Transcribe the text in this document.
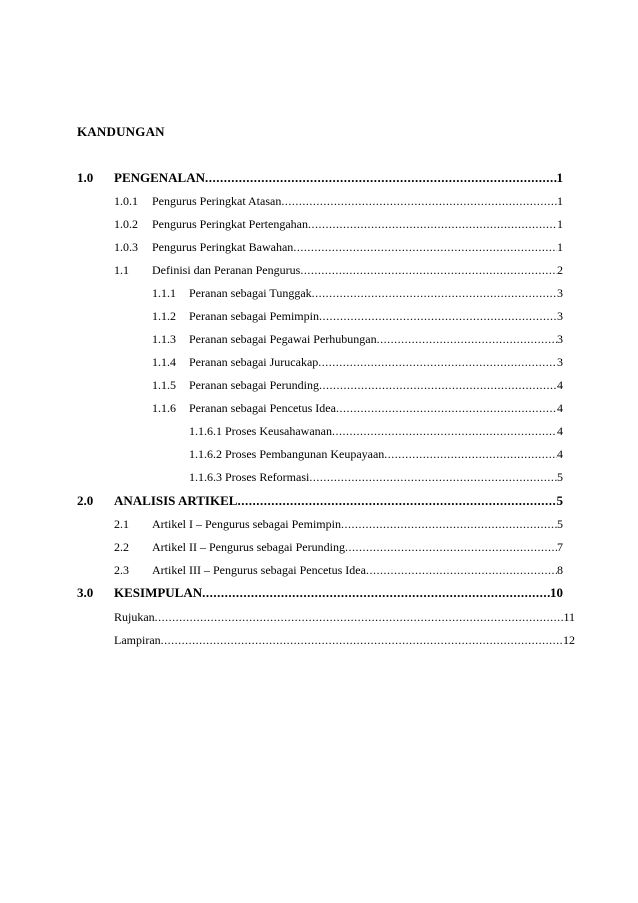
KANDUNGAN
1.0 PENGENALAN .....	1
1.0.1 Pengurus Peringkat Atasan .....	1
1.0.2 Pengurus Peringkat Pertengahan .....	1
1.0.3 Pengurus Peringkat Bawahan .....	1
1.1 Definisi dan Peranan Pengurus .....	2
1.1.1 Peranan sebagai Tunggak .....	3
1.1.2 Peranan sebagai Pemimpin .....	3
1.1.3 Peranan sebagai Pegawai Perhubungan .....	3
1.1.4 Peranan sebagai Jurucakap .....	3
1.1.5 Peranan sebagai Perunding .....	4
1.1.6 Peranan sebagai Pencetus Idea .....	4
1.1.6.1 Proses Keusahawanan .....	4
1.1.6.2 Proses Pembangunan Keupayaan .....	4
1.1.6.3 Proses Reformasi .....	5
2.0 ANALISIS ARTIKEL .....	5
2.1 Artikel I – Pengurus sebagai Pemimpin .....	5
2.2 Artikel II – Pengurus sebagai Perunding .....	7
2.3 Artikel III – Pengurus sebagai Pencetus Idea .....	8
3.0 KESIMPULAN .....	10
Rujukan .....	11
Lampiran .....	12
